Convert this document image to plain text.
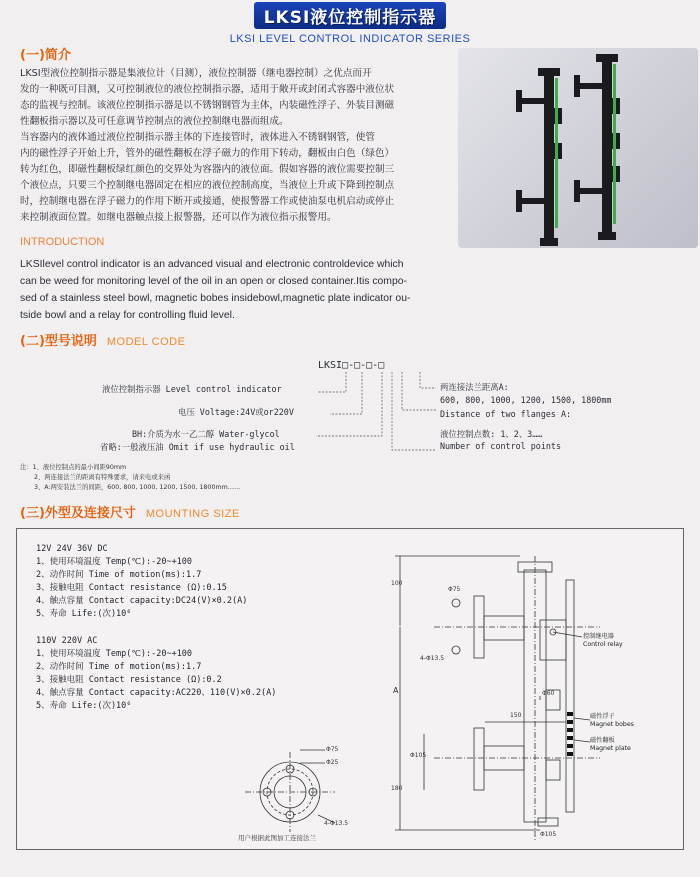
LKSI液位控制指示器
LKSI LEVEL CONTROL INDICATOR SERIES
(一)简介
LKSI型液位控制指示器是集液位计（目测），液位控制器（继电器控制）之优点而开
发的一种既可目测，又可控制液位的液位控制指示器，适用于敞开或封闭式容器中液位状
态的监视与控制。该液位控制指示器是以不锈钢钢管为主体，内装磁性浮子、外装目测磁
性翻板指示器以及可任意调节控制点的液位控制继电器而组成。
当容器内的液体通过液位控制指示器主体的下连接管时，液体进入不锈钢钢管，使管
内的磁性浮子开始上升，管外的磁性翻板在浮子磁力的作用下转动，翻板由白色（绿色）
转为红色，即磁性翻板绿红颜色的交界处为容器内的液位面。假如容器的液位需要控制三
个液位点，只要三个控制继电器固定在相应的液位控制高度，当液位上升或下降到控制点
时，控制继电器在浮子磁力的作用下断开或接通，使报警器工作或使油泵电机启动或停止
来控制液面位置。如继电器触点接上报警器，还可以作为液位指示报警用。
INTRODUCTION
LKSIlevel control indicator is an advanced visual and electronic controldevice which
can be weed for monitoring level of the oil in an open or closed container.Itis compo-
sed of a stainless steel bowl, magnetic bobes insidebowl,magnetic plate indicator ou-
tside bowl and a relay for controlling fluid level.
(二)型号说明 MODEL CODE
LKSI□-□-□-□
液位控制指示器 Level control indicator
电压 Voltage:24V或or220V
BH:介质为水一乙二醇 Water-glycol
省略:一般液压油 Omit if use hydraulic oil
两连接法兰距离A:
600, 800, 1000, 1200, 1500, 1800mm
Distance of two flanges A:
液位控制点数: 1、2、3……
Number of control points
注：1、液位控制点的最小间距90mm
2、两连接法兰的距离有特殊要求，请来电或来函
3、A:两安装法兰的间距，600, 800, 1000, 1200, 1500, 1800mm……
(三)外型及连接尺寸 MOUNTING SIZE
12V 24V 36V DC
1、使用环境温度 Temp(℃):-20~+100
2、动作时间 Time of motion(ms):1.7
3、接触电阻 Contact resistance (Ω):0.15
4、触点容量 Contact capacity:DC24(V)×0.2(A)
5、寿命 Life:(次)10⁶
110V 220V AC
1、使用环境温度 Temp(℃):-20~+100
2、动作时间 Time of motion(ms):1.7
3、接触电阻 Contact resistance (Ω):0.2
4、触点容量 Contact capacity:AC220、110(V)×0.2(A)
5、寿命 Life:(次)10⁶
控制继电器
Control relay
磁性浮子
Magnet bobes
磁性翻板
Magnet plate
Φ75
Φ25
4-Φ13.5
Φ75
4-Φ13.5
150
Φ60
100
A
180
Φ105
Φ105
用户根据此图加工连接法兰
